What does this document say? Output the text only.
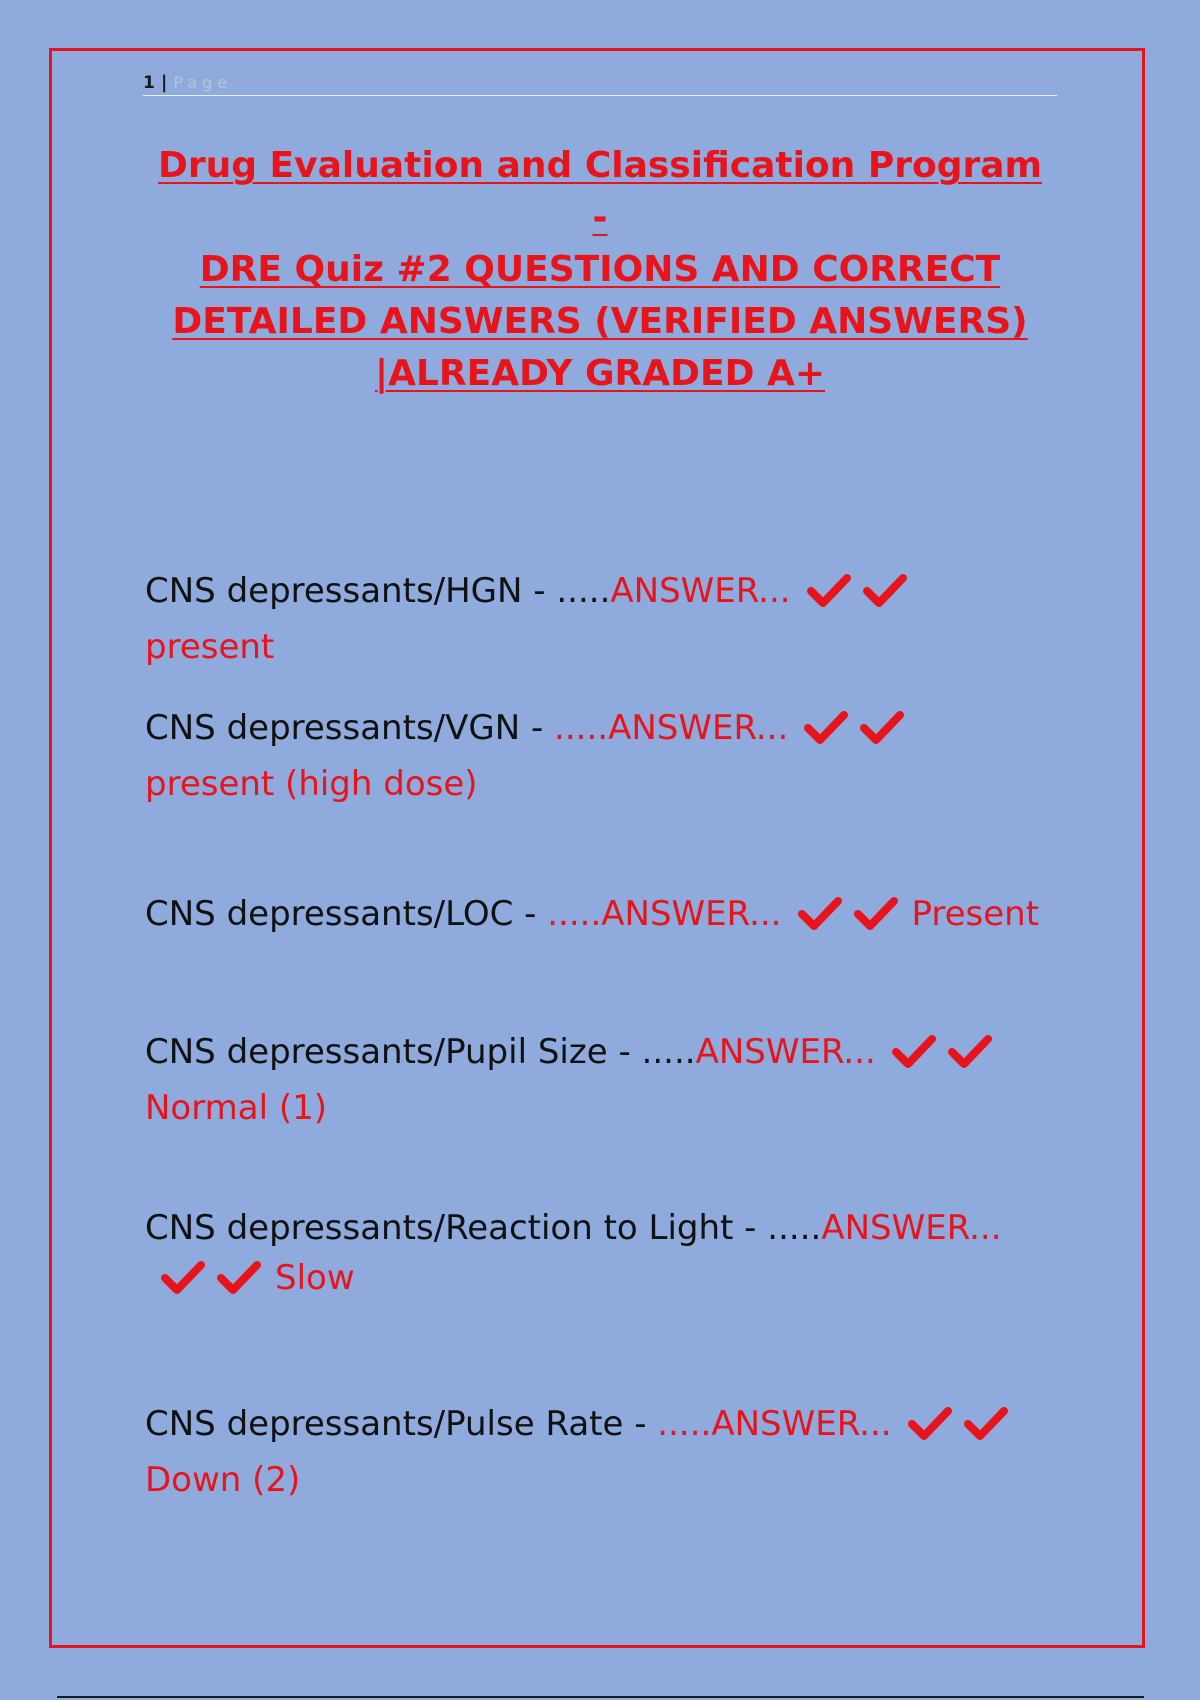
1 | Page
Drug Evaluation and Classification Program -
DRE Quiz #2 QUESTIONS AND CORRECT
DETAILED ANSWERS (VERIFIED ANSWERS)
|ALREADY GRADED A+
CNS depressants/HGN - .....ANSWER...
present
CNS depressants/VGN - .....ANSWER...
present (high dose)
CNS depressants/LOC - .....ANSWER...	Present
CNS depressants/Pupil Size - .....ANSWER...
Normal (1)
CNS depressants/Reaction to Light - .....ANSWER...
Slow
CNS depressants/Pulse Rate - .....ANSWER...
Down (2)
